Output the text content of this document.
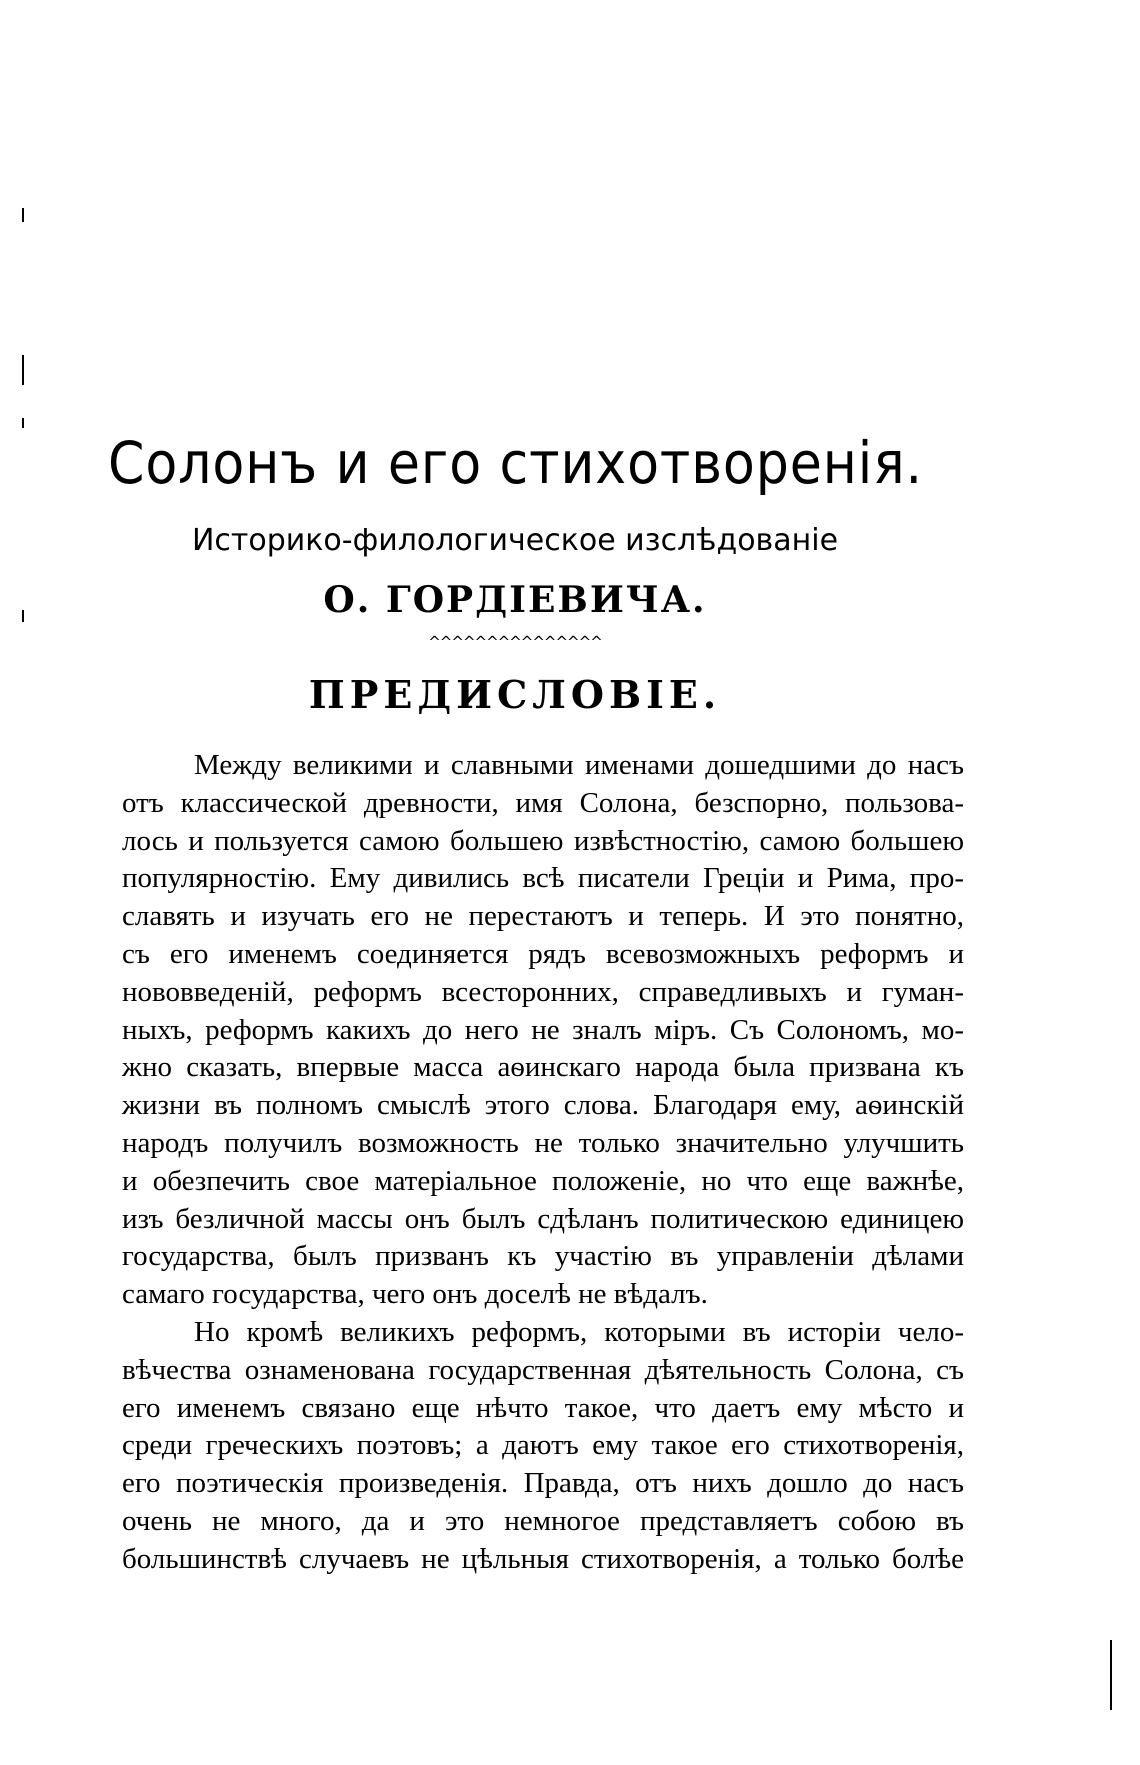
Солонъ и его стихотворенія.
Историко-филологическое изслѣдованіе
О. ГОРДІЕВИЧА.
^^^^^^^^^^^^^^^
ПРЕДИСЛОВІЕ.
Между великими и славными именами дошедшими до насъ
отъ классической древности, имя Солона, безспорно, пользова-
лось и пользуется самою большею извѣстностію, самою большею
популярностію. Ему дивились всѣ писатели Греціи и Рима, про-
славять и изучать его не перестаютъ и теперь. И это понятно,
съ его именемъ соединяется рядъ всевозможныхъ реформъ и
нововведеній, реформъ всесторонних, справедливыхъ и гуман-
ныхъ, реформъ какихъ до него не зналъ міръ. Съ Солономъ, мо-
жно сказать, впервые масса аѳинскаго народа была призвана къ
жизни въ полномъ смыслѣ этого слова. Благодаря ему, аѳинскій
народъ получилъ возможность не только значительно улучшить
и обезпечить свое матеріальное положеніе, но что еще важнѣе,
изъ безличной массы онъ былъ сдѣланъ политическою единицею
государства, былъ призванъ къ участію въ управленіи дѣлами
самаго государства, чего онъ доселѣ не вѣдалъ.
Но кромѣ великихъ реформъ, которыми въ исторіи чело-
вѣчества ознаменована государственная дѣятельность Солона, съ
его именемъ связано еще нѣчто такое, что даетъ ему мѣсто и
среди греческихъ поэтовъ; а даютъ ему такое его стихотворенія,
его поэтическія произведенія. Правда, отъ нихъ дошло до насъ
очень не много, да и это немногое представляетъ собою въ
большинствѣ случаевъ не цѣльныя стихотворенія, а только болѣе
